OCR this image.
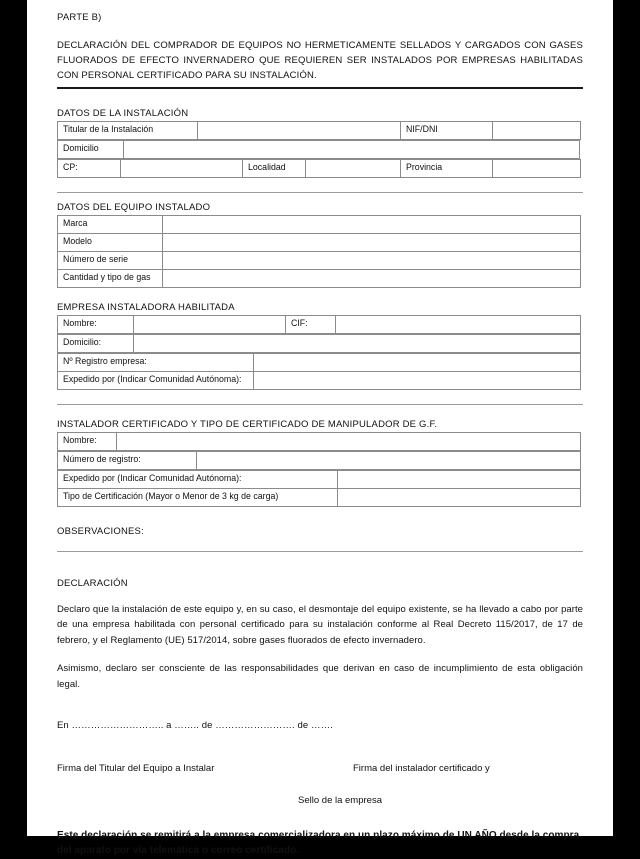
PARTE B)
DECLARACIÓN DEL COMPRADOR DE EQUIPOS NO HERMETICAMENTE SELLADOS Y CARGADOS CON GASES FLUORADOS DE EFECTO INVERNADERO QUE REQUIEREN SER INSTALADOS POR EMPRESAS HABILITADAS CON PERSONAL CERTIFICADO PARA SU INSTALACIÓN.
DATOS DE LA INSTALACIÓN
Titular de la Instalación		NIF/DNI	
Domicilio	
CP:		Localidad		Provincia	
DATOS DEL EQUIPO INSTALADO
Marca	
Modelo	
Número de serie	
Cantidad y tipo de gas	
EMPRESA INSTALADORA HABILITADA
Nombre:		CIF:	
Domicilio:	
Nº Registro empresa:	
Expedido por (Indicar Comunidad Autónoma):	
INSTALADOR CERTIFICADO Y TIPO DE CERTIFICADO DE MANIPULADOR DE G.F.
Nombre:	
Número de registro:	
Expedido por (Indicar Comunidad Autónoma):	
Tipo de Certificación (Mayor o Menor de 3 kg de carga)	
OBSERVACIONES:
DECLARACIÓN
Declaro que la instalación de este equipo y, en su caso, el desmontaje del equipo existente, se ha llevado a cabo por parte de una empresa habilitada con personal certificado para su instalación conforme al Real Decreto 115/2017, de 17 de febrero, y el Reglamento (UE) 517/2014, sobre gases fluorados de efecto invernadero.
Asimismo, declaro ser consciente de las responsabilidades que derivan en caso de incumplimiento de esta obligación legal.
En ……………………….. a …….. de ……………………. de …….
Firma del Titular del Equipo a Instalar	Firma del instalador certificado y
Sello de la empresa
Este declaración se remitirá a la empresa comercializadora en un plazo máximo de UN AÑO desde la compra del aparato por vía telemática o correo certificado.
